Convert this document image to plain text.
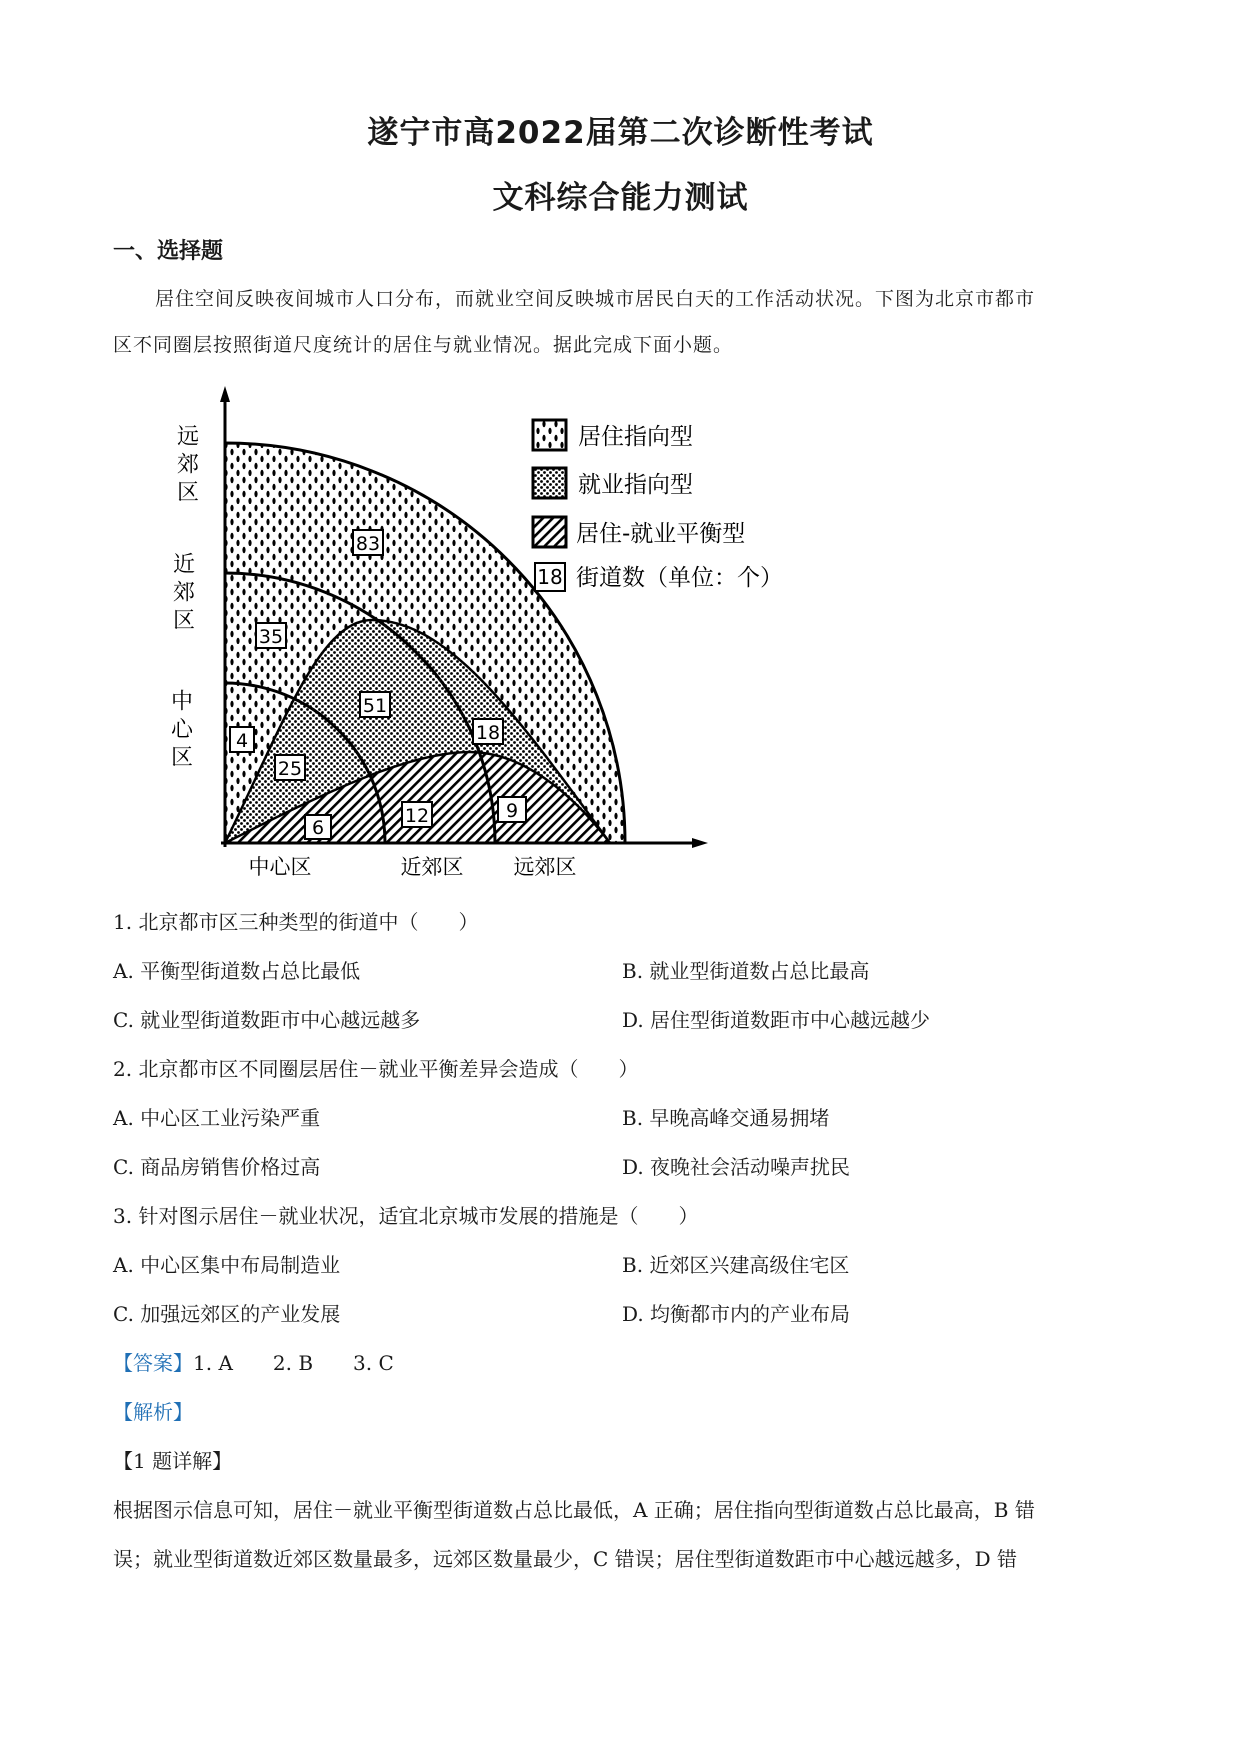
遂宁市高2022届第二次诊断性考试
文科综合能力测试
一、选择题
居住空间反映夜间城市人口分布，而就业空间反映城市居民白天的工作活动状况。下图为北京市都市
区不同圈层按照街道尺度统计的居住与就业情况。据此完成下面小题。
83
35
4
51
25
18
6
12	9
远郊区
近郊区
中心区
中心区	近郊区 远郊区
居住指向型
就业指向型
居住-就业平衡型
18 街道数（单位：个）
1. 北京都市区三种类型的街道中（　　）
A. 平衡型街道数占总比最低	B. 就业型街道数占总比最高
C. 就业型街道数距市中心越远越多	D. 居住型街道数距市中心越远越少
2. 北京都市区不同圈层居住－就业平衡差异会造成（　　）
A. 中心区工业污染严重	B. 早晚高峰交通易拥堵
C. 商品房销售价格过高	D. 夜晚社会活动噪声扰民
3. 针对图示居住－就业状况，适宜北京城市发展的措施是（　　）
A. 中心区集中布局制造业	B. 近郊区兴建高级住宅区
C. 加强远郊区的产业发展	D. 均衡都市内的产业布局
【答案】1. A　　2. B　　3. C
【解析】
【1 题详解】
根据图示信息可知，居住－就业平衡型街道数占总比最低，A 正确；居住指向型街道数占总比最高，B 错
误；就业型街道数近郊区数量最多，远郊区数量最少，C 错误；居住型街道数距市中心越远越多，D 错
